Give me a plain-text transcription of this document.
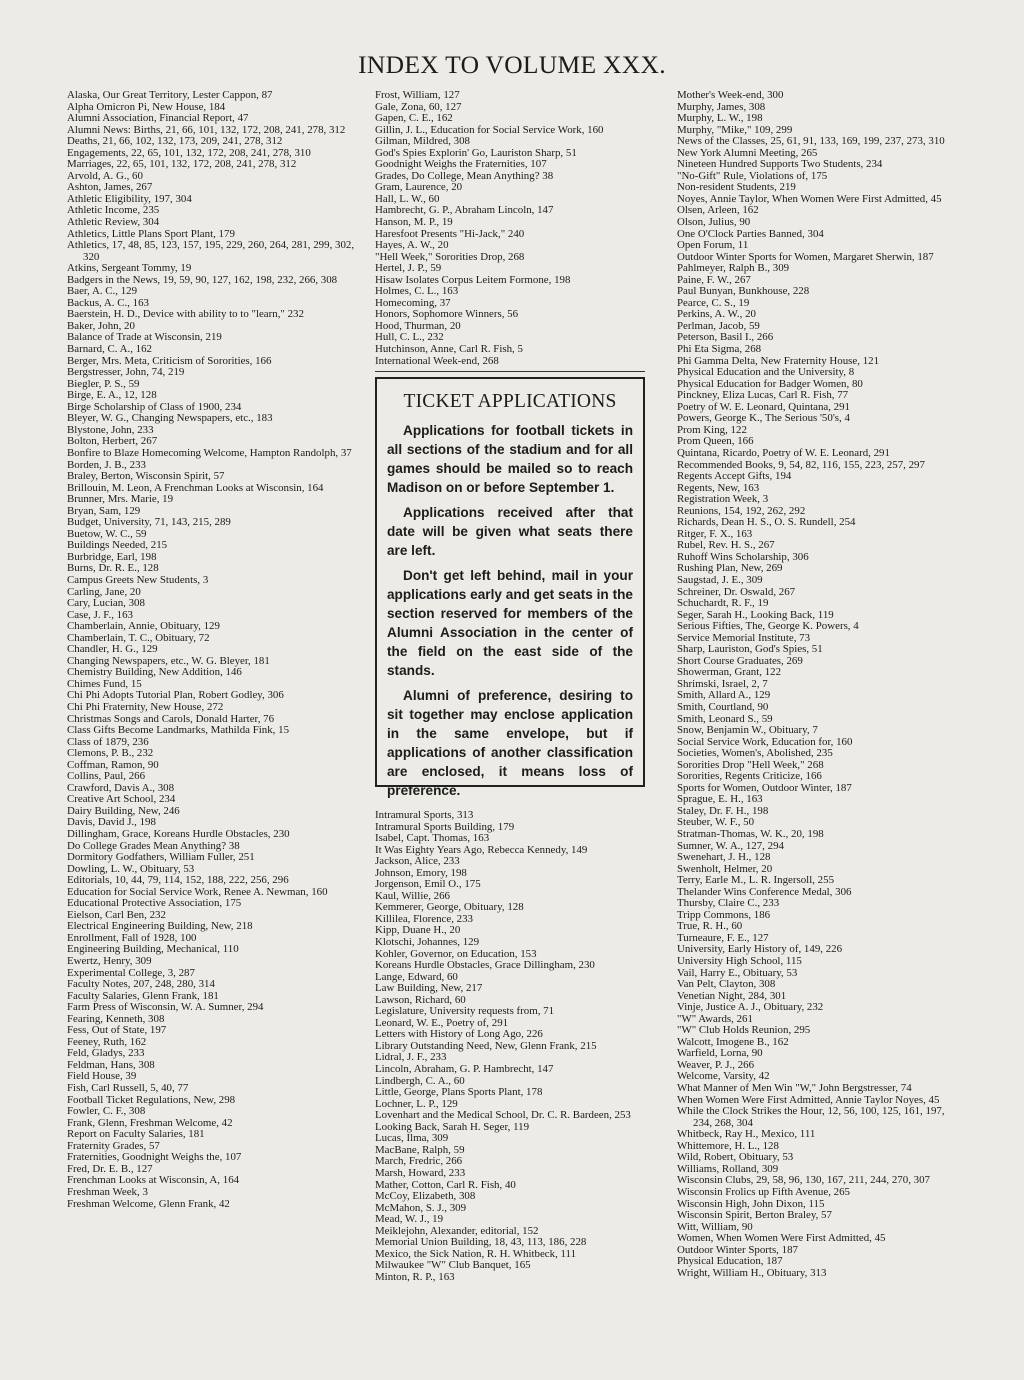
INDEX TO VOLUME XXX.
Alaska, Our Great Territory, Lester Cappon, 87
Alpha Omicron Pi, New House, 184
Alumni Association, Financial Report, 47
Alumni News: Births, 21, 66, 101, 132, 172, 208, 241, 278, 312
Deaths, 21, 66, 102, 132, 173, 209, 241, 278, 312
Engagements, 22, 65, 101, 132, 172, 208, 241, 278, 310
Marriages, 22, 65, 101, 132, 172, 208, 241, 278, 312
Arvold, A. G., 60
Ashton, James, 267
Athletic Eligibility, 197, 304
Athletic Income, 235
Athletic Review, 304
Athletics, Little Plans Sport Plant, 179
Athletics, 17, 48, 85, 123, 157, 195, 229, 260, 264, 281, 299, 302, 320
Atkins, Sergeant Tommy, 19
Badgers in the News, 19, 59, 90, 127, 162, 198, 232, 266, 308
Baer, A. C., 129
Backus, A. C., 163
Baerstein, H. D., Device with ability to to "learn," 232
Baker, John, 20
Balance of Trade at Wisconsin, 219
Barnard, C. A., 162
Berger, Mrs. Meta, Criticism of Sororities, 166
Bergstresser, John, 74, 219
Biegler, P. S., 59
Birge, E. A., 12, 128
Birge Scholarship of Class of 1900, 234
Bleyer, W. G., Changing Newspapers, etc., 183
Blystone, John, 233
Bolton, Herbert, 267
Bonfire to Blaze Homecoming Welcome, Hampton Randolph, 37
Borden, J. B., 233
Braley, Berton, Wisconsin Spirit, 57
Brillouin, M. Leon, A Frenchman Looks at Wisconsin, 164
Brunner, Mrs. Marie, 19
Bryan, Sam, 129
Budget, University, 71, 143, 215, 289
Buetow, W. C., 59
Buildings Needed, 215
Burbridge, Earl, 198
Burns, Dr. R. E., 128
Campus Greets New Students, 3
Carling, Jane, 20
Cary, Lucian, 308
Case, J. F., 163
Chamberlain, Annie, Obituary, 129
Chamberlain, T. C., Obituary, 72
Chandler, H. G., 129
Changing Newspapers, etc., W. G. Bleyer, 181
Chemistry Building, New Addition, 146
Chimes Fund, 15
Chi Phi Adopts Tutorial Plan, Robert Godley, 306
Chi Phi Fraternity, New House, 272
Christmas Songs and Carols, Donald Harter, 76
Class Gifts Become Landmarks, Mathilda Fink, 15
Class of 1879, 236
Clemons, P. B., 232
Coffman, Ramon, 90
Collins, Paul, 266
Crawford, Davis A., 308
Creative Art School, 234
Dairy Building, New, 246
Davis, David J., 198
Dillingham, Grace, Koreans Hurdle Obstacles, 230
Do College Grades Mean Anything? 38
Dormitory Godfathers, William Fuller, 251
Dowling, L. W., Obituary, 53
Editorials, 10, 44, 79, 114, 152, 188, 222, 256, 296
Education for Social Service Work, Renee A. Newman, 160
Educational Protective Association, 175
Eielson, Carl Ben, 232
Electrical Engineering Building, New, 218
Enrollment, Fall of 1928, 100
Engineering Building, Mechanical, 110
Ewertz, Henry, 309
Experimental College, 3, 287
Faculty Notes, 207, 248, 280, 314
Faculty Salaries, Glenn Frank, 181
Farm Press of Wisconsin, W. A. Sumner, 294
Fearing, Kenneth, 308
Fess, Out of State, 197
Feeney, Ruth, 162
Feld, Gladys, 233
Feldman, Hans, 308
Field House, 39
Fish, Carl Russell, 5, 40, 77
Football Ticket Regulations, New, 298
Fowler, C. F., 308
Frank, Glenn, Freshman Welcome, 42
Report on Faculty Salaries, 181
Fraternity Grades, 57
Fraternities, Goodnight Weighs the, 107
Fred, Dr. E. B., 127
Frenchman Looks at Wisconsin, A, 164
Freshman Week, 3
Freshman Welcome, Glenn Frank, 42
Frost, William, 127
Gale, Zona, 60, 127
Gapen, C. E., 162
Gillin, J. L., Education for Social Service Work, 160
Gilman, Mildred, 308
God's Spies Explorin' Go, Lauriston Sharp, 51
Goodnight Weighs the Fraternities, 107
Grades, Do College, Mean Anything? 38
Gram, Laurence, 20
Hall, L. W., 60
Hambrecht, G. P., Abraham Lincoln, 147
Hanson, M. P., 19
Haresfoot Presents "Hi-Jack," 240
Hayes, A. W., 20
"Hell Week," Sororities Drop, 268
Hertel, J. P., 59
Hisaw Isolates Corpus Leitem Formone, 198
Holmes, C. L., 163
Homecoming, 37
Honors, Sophomore Winners, 56
Hood, Thurman, 20
Hull, C. L., 232
Hutchinson, Anne, Carl R. Fish, 5
International Week-end, 268
TICKET APPLICATIONS

Applications for football tickets in all sections of the stadium and for all games should be mailed so to reach Madison on or before September 1.

Applications received after that date will be given what seats there are left.

Don't get left behind, mail in your applications early and get seats in the section reserved for members of the Alumni Association in the center of the field on the east side of the stands.

Alumni of preference, desiring to sit together may enclose application in the same envelope, but if applications of another classification are enclosed, it means loss of preference.

Intramural Sports, 313
Intramural Sports Building, 179
Isabel, Capt. Thomas, 163
It Was Eighty Years Ago, Rebecca Kennedy, 149
Jackson, Alice, 233
Johnson, Emory, 198
Jorgenson, Emil O., 175
Kaul, Willie, 266
Kemmerer, George, Obituary, 128
Killilea, Florence, 233
Kipp, Duane H., 20
Klotschi, Johannes, 129
Kohler, Governor, on Education, 153
Koreans Hurdle Obstacles, Grace Dillingham, 230
Lange, Edward, 60
Law Building, New, 217
Lawson, Richard, 60
Legislature, University requests from, 71
Leonard, W. E., Poetry of, 291
Letters with History of Long Ago, 226
Library Outstanding Need, New, Glenn Frank, 215
Lidral, J. F., 233
Lincoln, Abraham, G. P. Hambrecht, 147
Lindbergh, C. A., 60
Little, George, Plans Sports Plant, 178
Lochner, L. P., 129
Lovenhart and the Medical School, Dr. C. R. Bardeen, 253
Looking Back, Sarah H. Seger, 119
Lucas, Ilma, 309
MacBane, Ralph, 59
March, Fredric, 266
Marsh, Howard, 233
Mather, Cotton, Carl R. Fish, 40
McCoy, Elizabeth, 308
McMahon, S. J., 309
Mead, W. J., 19
Meiklejohn, Alexander, editorial, 152
Memorial Union Building, 18, 43, 113, 186, 228
Mexico, the Sick Nation, R. H. Whitbeck, 111
Milwaukee "W" Club Banquet, 165
Minton, R. P., 163
Mother's Week-end, 300
Murphy, James, 308
Murphy, L. W., 198
Murphy, "Mike," 109, 299
News of the Classes, 25, 61, 91, 133, 169, 199, 237, 273, 310
New York Alumni Meeting, 265
Nineteen Hundred Supports Two Students, 234
"No-Gift" Rule, Violations of, 175
Non-resident Students, 219
Noyes, Annie Taylor, When Women Were First Admitted, 45
Olsen, Arleen, 162
Olson, Julius, 90
One O'Clock Parties Banned, 304
Open Forum, 11
Outdoor Winter Sports for Women, Margaret Sherwin, 187
Pahlmeyer, Ralph B., 309
Paine, F. W., 267
Paul Bunyan, Bunkhouse, 228
Pearce, C. S., 19
Perkins, A. W., 20
Perlman, Jacob, 59
Peterson, Basil I., 266
Phi Eta Sigma, 268
Phi Gamma Delta, New Fraternity House, 121
Physical Education and the University, 8
Physical Education for Badger Women, 80
Pinckney, Eliza Lucas, Carl R. Fish, 77
Poetry of W. E. Leonard, Quintana, 291
Powers, George K., The Serious '50's, 4
Prom King, 122
Prom Queen, 166
Quintana, Ricardo, Poetry of W. E. Leonard, 291
Recommended Books, 9, 54, 82, 116, 155, 223, 257, 297
Regents Accept Gifts, 194
Regents, New, 163
Registration Week, 3
Reunions, 154, 192, 262, 292
Richards, Dean H. S., O. S. Rundell, 254
Ritger, F. X., 163
Rubel, Rev. H. S., 267
Ruhoff Wins Scholarship, 306
Rushing Plan, New, 269
Saugstad, J. E., 309
Schreiner, Dr. Oswald, 267
Schuchardt, R. F., 19
Seger, Sarah H., Looking Back, 119
Serious Fifties, The, George K. Powers, 4
Service Memorial Institute, 73
Sharp, Lauriston, God's Spies, 51
Short Course Graduates, 269
Showerman, Grant, 122
Shrimski, Israel, 2, 7
Smith, Allard A., 129
Smith, Courtland, 90
Smith, Leonard S., 59
Snow, Benjamin W., Obituary, 7
Social Service Work, Education for, 160
Societies, Women's, Abolished, 235
Sororities Drop "Hell Week," 268
Sororities, Regents Criticize, 166
Sports for Women, Outdoor Winter, 187
Sprague, E. H., 163
Staley, Dr. F. H., 198
Steuber, W. F., 50
Stratman-Thomas, W. K., 20, 198
Sumner, W. A., 127, 294
Swenehart, J. H., 128
Swenholt, Helmer, 20
Terry, Earle M., L. R. Ingersoll, 255
Thelander Wins Conference Medal, 306
Thursby, Claire C., 233
Tripp Commons, 186
True, R. H., 60
Turneaure, F. E., 127
University, Early History of, 149, 226
University High School, 115
Vail, Harry E., Obituary, 53
Van Pelt, Clayton, 308
Venetian Night, 284, 301
Vinje, Justice A. J., Obituary, 232
"W" Awards, 261
"W" Club Holds Reunion, 295
Walcott, Imogene B., 162
Warfield, Lorna, 90
Weaver, P. J., 266
Welcome, Varsity, 42
What Manner of Men Win "W," John Bergstresser, 74
When Women Were First Admitted, Annie Taylor Noyes, 45
While the Clock Strikes the Hour, 12, 56, 100, 125, 161, 197, 234, 268, 304
Whitbeck, Ray H., Mexico, 111
Whittemore, H. L., 128
Wild, Robert, Obituary, 53
Williams, Rolland, 309
Wisconsin Clubs, 29, 58, 96, 130, 167, 211, 244, 270, 307
Wisconsin Frolics up Fifth Avenue, 265
Wisconsin High, John Dixon, 115
Wisconsin Spirit, Berton Braley, 57
Witt, William, 90
Women, When Women Were First Admitted, 45
Outdoor Winter Sports, 187
Physical Education, 187
Wright, William H., Obituary, 313
